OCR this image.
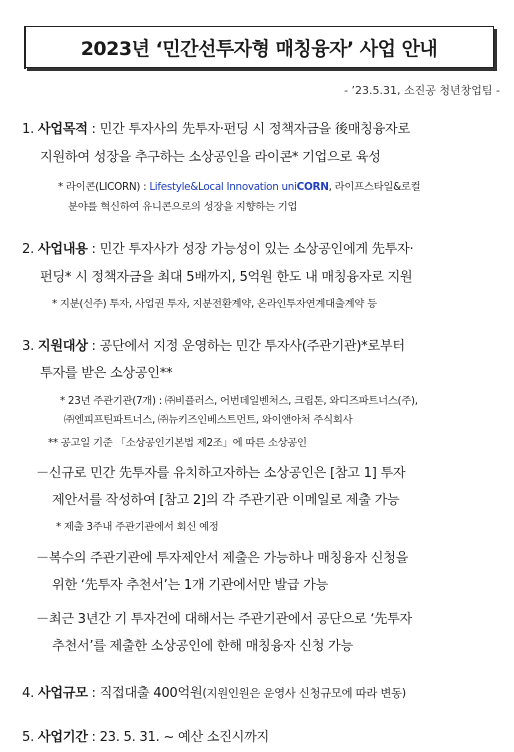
2023년 ‘민간선투자형 매칭융자’ 사업 안내
- ’23.5.31, 소진공 청년창업팀 -
1. 사업목적 : 민간 투자사의 先투자·펀딩 시 정책자금을 後매칭융자로
지원하여 성장을 추구하는 소상공인을 라이콘* 기업으로 육성
* 라이콘(LICORN) : Lifestyle&Local Innovation uniCORN, 라이프스타일&로컬
분야를 혁신하여 유니콘으로의 성장을 지향하는 기업
2. 사업내용 : 민간 투자사가 성장 가능성이 있는 소상공인에게 先투자·
펀딩* 시 정책자금을 최대 5배까지, 5억원 한도 내 매칭융자로 지원
* 지분(신주) 투자, 사업권 투자, 지분전환계약, 온라인투자연계대출계약 등
3. 지원대상 : 공단에서 지정 운영하는 민간 투자사(주관기관)*로부터
투자를 받은 소상공인**
* 23년 주관기관(7개) : ㈜비플러스, 어번데일벤처스, 크립톤, 와디즈파트너스(주),
㈜엔피프틴파트너스, ㈜뉴키즈인베스트먼트, 와이앤아처 주식회사
** 공고일 기준 「소상공인기본법 제2조」에 따른 소상공인
－신규로 민간 先투자를 유치하고자하는 소상공인은 [참고 1] 투자
제안서를 작성하여 [참고 2]의 각 주관기관 이메일로 제출 가능
* 제출 3주내 주관기관에서 회신 예정
－복수의 주관기관에 투자제안서 제출은 가능하나 매칭융자 신청을
위한 ‘先투자 추천서’는 1개 기관에서만 발급 가능
－최근 3년간 기 투자건에 대해서는 주관기관에서 공단으로 ‘先투자
추천서’를 제출한 소상공인에 한해 매칭융자 신청 가능
4. 사업규모 : 직접대출 400억원(지원인원은 운영사 신청규모에 따라 변동)
5. 사업기간 : 23. 5. 31. ~ 예산 소진시까지
